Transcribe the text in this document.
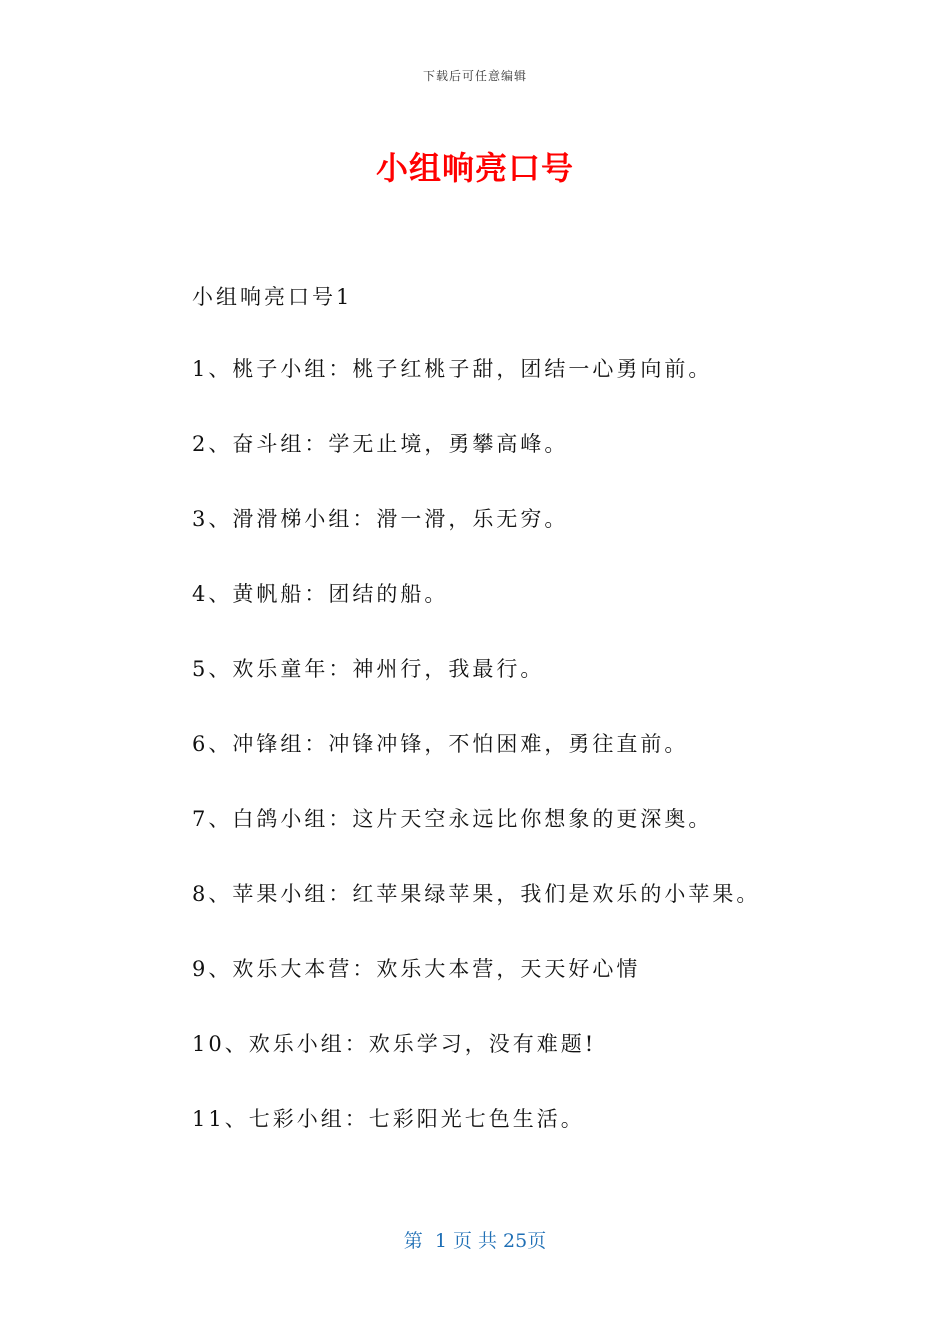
下载后可任意编辑
小组响亮口号
小组响亮口号1
1、桃子小组：桃子红桃子甜，团结一心勇向前。
2、奋斗组：学无止境，勇攀高峰。
3、滑滑梯小组：滑一滑，乐无穷。
4、黄帆船：团结的船。
5、欢乐童年：神州行，我最行。
6、冲锋组：冲锋冲锋，不怕困难，勇往直前。
7、白鸽小组：这片天空永远比你想象的更深奥。
8、苹果小组：红苹果绿苹果，我们是欢乐的小苹果。
9、欢乐大本营：欢乐大本营，天天好心情
10、欢乐小组：欢乐学习，没有难题!
11、七彩小组：七彩阳光七色生活。
第  1 页 共 25页
